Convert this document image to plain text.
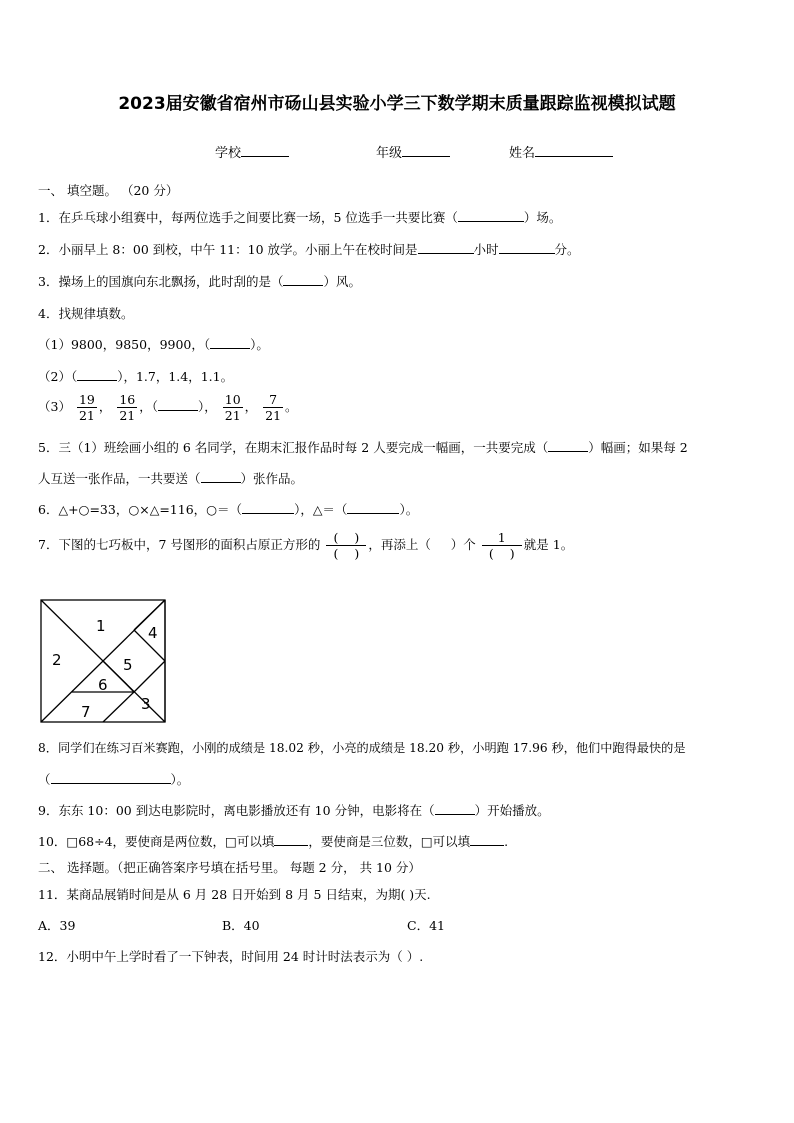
2023届安徽省宿州市砀山县实验小学三下数学期末质量跟踪监视模拟试题
学校	年级	姓名
一、 填空题。 （20 分）
1．在乒乓球小组赛中，每两位选手之间要比赛一场，5 位选手一共要比赛（	）场。
2．小丽早上 8：00 到校，中午 11：10 放学。小丽上午在校时间是	小时	分。
3．操场上的国旗向东北飘扬，此时刮的是（	）风。
4．找规律填数。
（1）9800，9850，9900，（	）。
（2）（	），1.7，1.4，1.1。
$(3) \frac{19}{21}$ ， $\frac{16}{21}$ ，（	）， $\frac{10}{21}$ ， $\frac{7}{21}$ 。
5．三（1）班绘画小组的 6 名同学，在期末汇报作品时每 2 人要完成一幅画，一共要完成（	）幅画；如果每 2
人互送一张作品，一共要送（	）张作品。
6．△+○=33，○×△=116，○＝（	），△＝（	）。
7．下图的七巧板中，7 号图形的面积占原正方形的 $\frac{( )}{( )}$ ，再添上（ ）个 $\frac{1}{( )}$ 就是 1。
1
2
3
4
5
6
7
8．同学们在练习百米赛跑，小刚的成绩是 18.02 秒，小亮的成绩是 18.20 秒，小明跑 17.96 秒，他们中跑得最快的是
（	）。
9．东东 10：00 到达电影院时，离电影播放还有 10 分钟，电影将在（	）开始播放。
10．□68÷4，要使商是两位数，□可以填	，要使商是三位数，□可以填	.
二、 选择题。（把正确答案序号填在括号里。 每题 2 分， 共 10 分）
11．某商品展销时间是从 6 月 28 日开始到 8 月 5 日结束，为期( )天.
A．39	B．40	C．41
12．小明中午上学时看了一下钟表，时间用 24 时计时法表示为（ ）.
